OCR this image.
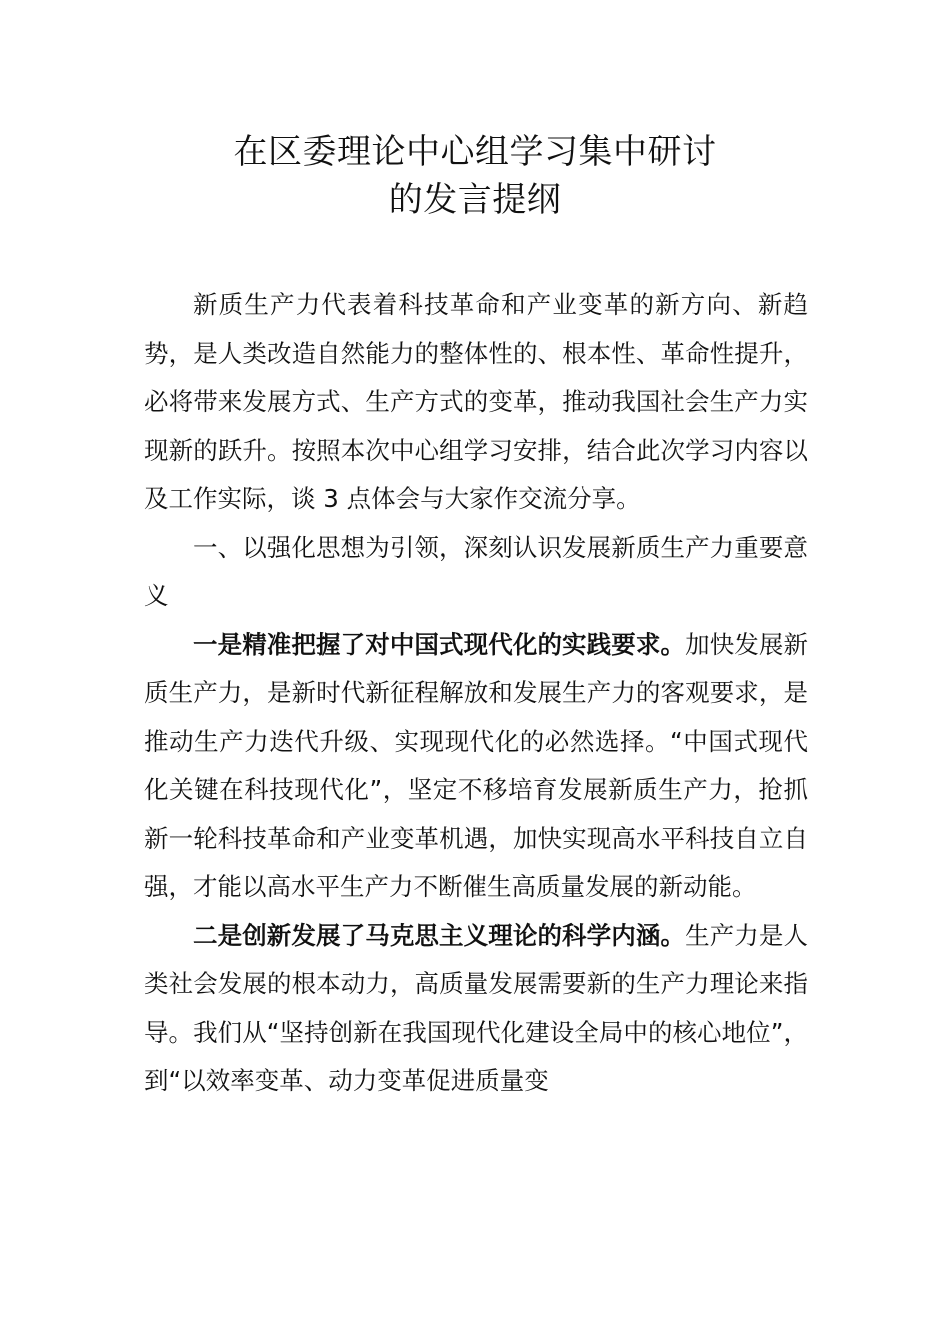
在区委理论中心组学习集中研讨
的发言提纲

新质生产力代表着科技革命和产业变革的新方向、新趋势，是人类改造自然能力的整体性的、根本性、革命性提升，必将带来发展方式、生产方式的变革，推动我国社会生产力实现新的跃升。按照本次中心组学习安排，结合此次学习内容以及工作实际，谈 3 点体会与大家作交流分享。

一、以强化思想为引领，深刻认识发展新质生产力重要意义

一是精准把握了对中国式现代化的实践要求。加快发展新质生产力，是新时代新征程解放和发展生产力的客观要求，是推动生产力迭代升级、实现现代化的必然选择。“中国式现代化关键在科技现代化”，坚定不移培育发展新质生产力，抢抓新一轮科技革命和产业变革机遇，加快实现高水平科技自立自强，才能以高水平生产力不断催生高质量发展的新动能。

二是创新发展了马克思主义理论的科学内涵。生产力是人类社会发展的根本动力，高质量发展需要新的生产力理论来指导。我们从“坚持创新在我国现代化建设全局中的核心地位”，到“以效率变革、动力变革促进质量变
